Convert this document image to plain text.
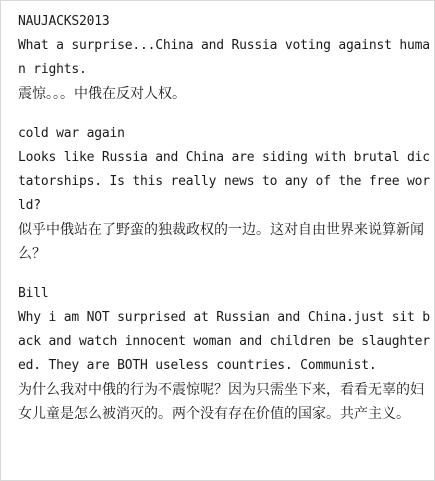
NAUJACKS2013
What a surprise...China and Russia voting against human rights.
震惊。。。中俄在反对人权。
cold war again
Looks like Russia and China are siding with brutal dictatorships. Is this really news to any of the free world?
似乎中俄站在了野蛮的独裁政权的一边。这对自由世界来说算新闻么？
Bill
Why i am NOT surprised at Russian and China.just sit back and watch innocent woman and children be slaughtered. They are BOTH useless countries. Communist.
为什么我对中俄的行为不震惊呢？因为只需坐下来，看看无辜的妇女儿童是怎么被消灭的。两个没有存在价值的国家。共产主义。
